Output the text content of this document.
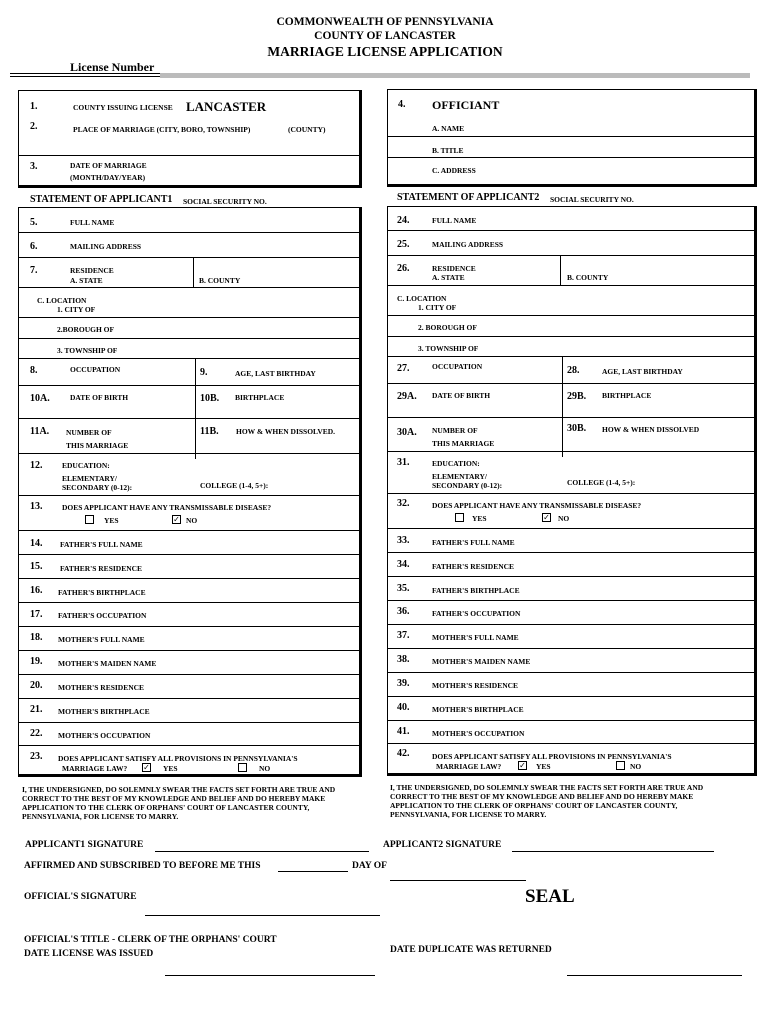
COMMONWEALTH OF PENNSYLVANIA
COUNTY OF LANCASTER
MARRIAGE LICENSE APPLICATION
License Number
1.	COUNTY ISSUING LICENSE LANCASTER
2.	PLACE OF MARRIAGE (CITY, BORO, TOWNSHIP)	(COUNTY)
3.	DATE OF MARRIAGE
(MONTH/DAY/YEAR)
4. OFFICIANT
A. NAME
B. TITLE
C. ADDRESS
STATEMENT OF APPLICANT1 SOCIAL SECURITY NO.
5.	FULL NAME
6.	MAILING ADDRESS
7.	RESIDENCE
A. STATE	B. COUNTY
C. LOCATION
1. CITY OF
2.BOROUGH OF
3. TOWNSHIP OF
8.	OCCUPATION	9.	AGE, LAST BIRTHDAY
10A.	DATE OF BIRTH	10B. BIRTHPLACE
11A. NUMBER OF
THIS MARRIAGE
11B. HOW & WHEN DISSOLVED.
12.	EDUCATION:
ELEMENTARY/
SECONDARY (0-12):	COLLEGE (1-4, 5+):
13.	DOES APPLICANT HAVE ANY TRANSMISSABLE DISEASE?
YES	✓ NO
14. FATHER'S FULL NAME
15. FATHER'S RESIDENCE
16. FATHER'S BIRTHPLACE
17. FATHER'S OCCUPATION
18. MOTHER'S FULL NAME
19. MOTHER'S MAIDEN NAME
20. MOTHER'S RESIDENCE
21. MOTHER'S BIRTHPLACE
22. MOTHER'S OCCUPATION
23. DOES APPLICANT SATISFY ALL PROVISIONS IN PENNSYLVANIA'S
MARRIAGE LAW? ✓ YES	NO
I, THE UNDERSIGNED, DO SOLEMNLY SWEAR THE FACTS SET FORTH ARE TRUE AND CORRECT TO THE BEST OF MY KNOWLEDGE AND BELIEF AND DO HEREBY MAKE APPLICATION TO THE CLERK OF ORPHANS' COURT OF LANCASTER COUNTY, PENNSYLVANIA, FOR LICENSE TO MARRY.
STATEMENT OF APPLICANT2 SOCIAL SECURITY NO.
24.	FULL NAME
25.	MAILING ADDRESS
26.	RESIDENCE
A. STATE	B. COUNTY
C. LOCATION
1. CITY OF
2. BOROUGH OF
3. TOWNSHIP OF
27.	OCCUPATION	28.	AGE, LAST BIRTHDAY
29A. DATE OF BIRTH	29B. BIRTHPLACE
30A. NUMBER OF
THIS MARRIAGE
30B. HOW & WHEN DISSOLVED
31.	EDUCATION:
ELEMENTARY/
SECONDARY (0-12):	COLLEGE (1-4, 5+):
32.	DOES APPLICANT HAVE ANY TRANSMISSABLE DISEASE?
YES	✓ NO
33.	FATHER'S FULL NAME
34.	FATHER'S RESIDENCE
35.	FATHER'S BIRTHPLACE
36.	FATHER'S OCCUPATION
37.	MOTHER'S FULL NAME
38.	MOTHER'S MAIDEN NAME
39.	MOTHER'S RESIDENCE
40.	MOTHER'S BIRTHPLACE
41.	MOTHER'S OCCUPATION
42.	DOES APPLICANT SATISFY ALL PROVISIONS IN PENNSYLVANIA'S
MARRIAGE LAW? ✓ YES	NO
I, THE UNDERSIGNED, DO SOLEMNLY SWEAR THE FACTS SET FORTH ARE TRUE AND CORRECT TO THE BEST OF MY KNOWLEDGE AND BELIEF AND DO HEREBY MAKE APPLICATION TO THE CLERK OF ORPHANS' COURT OF LANCASTER COUNTY, PENNSYLVANIA, FOR LICENSE TO MARRY.
APPLICANT1 SIGNATURE	APPLICANT2 SIGNATURE
AFFIRMED AND SUBSCRIBED TO BEFORE ME THIS	DAY OF
OFFICIAL'S SIGNATURE	SEAL
OFFICIAL'S TITLE - CLERK OF THE ORPHANS' COURT
DATE LICENSE WAS ISSUED	DATE DUPLICATE WAS RETURNED
